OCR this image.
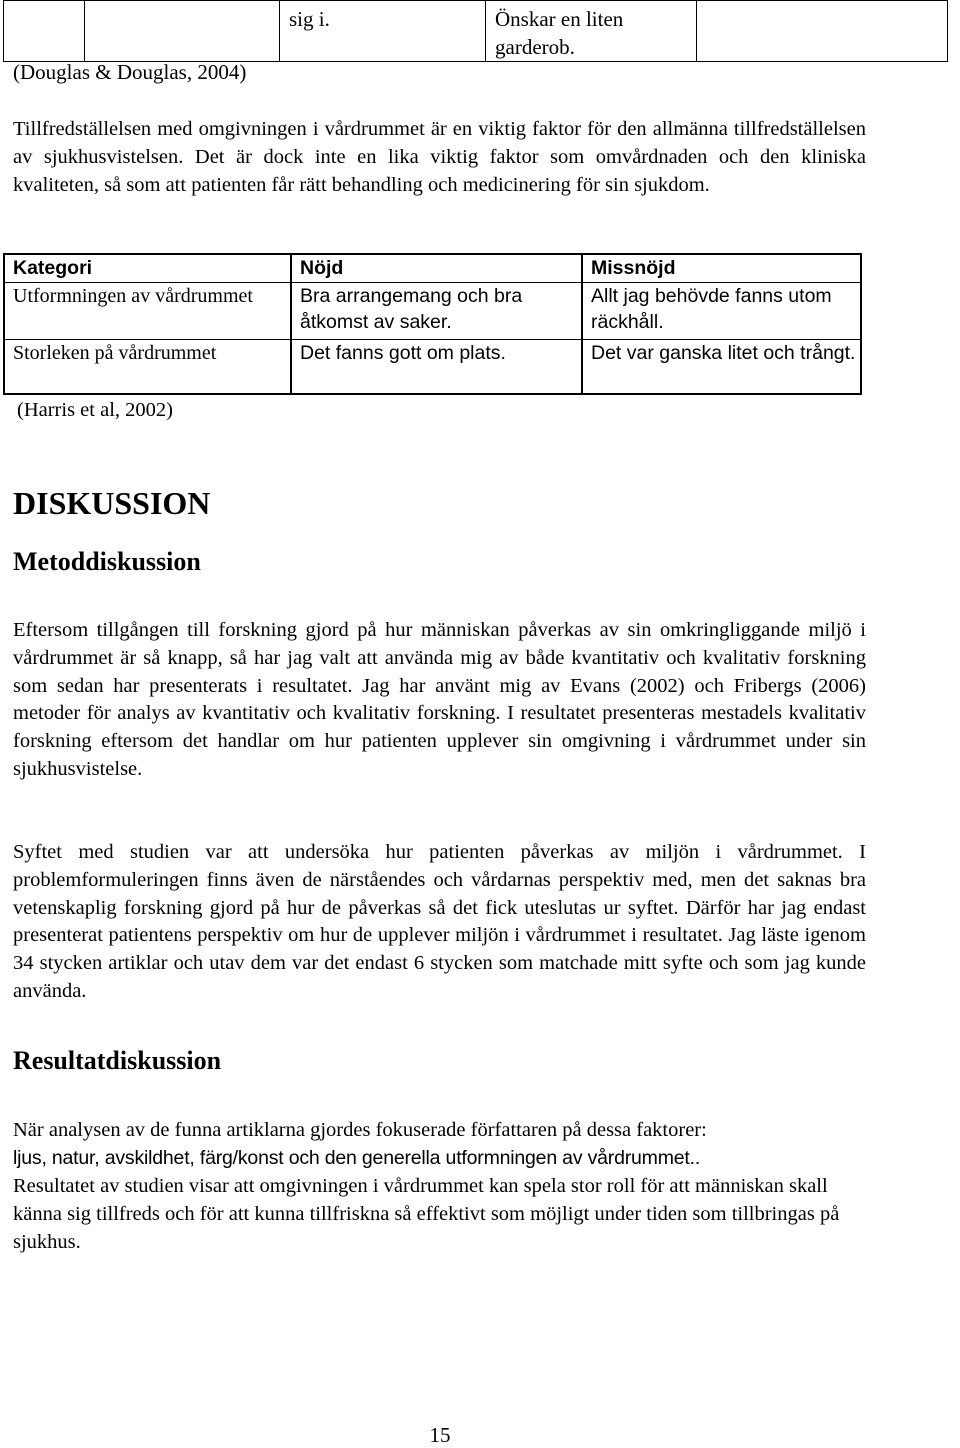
sig i.	Önskar en liten garderob.

(Douglas & Douglas, 2004)

Tillfredställelsen med omgivningen i vårdrummet är en viktig faktor för den allmänna tillfredställelsen av sjukhusvistelsen. Det är dock inte en lika viktig faktor som omvårdnaden och den kliniska kvaliteten, så som att patienten får rätt behandling och medicinering för sin sjukdom.

Kategori	Nöjd	Missnöjd
Utformningen av vårdrummet	Bra arrangemang och bra åtkomst av saker.	Allt jag behövde fanns utom räckhåll.
Storleken på vårdrummet	Det fanns gott om plats.	Det var ganska litet och trångt.
(Harris et al, 2002)
DISKUSSION
Metoddiskussion

Eftersom tillgången till forskning gjord på hur människan påverkas av sin omkringliggande miljö i vårdrummet är så knapp, så har jag valt att använda mig av både kvantitativ och kvalitativ forskning som sedan har presenterats i resultatet. Jag har använt mig av Evans (2002) och Fribergs (2006) metoder för analys av kvantitativ och kvalitativ forskning. I resultatet presenteras mestadels kvalitativ forskning eftersom det handlar om hur patienten upplever sin omgivning i vårdrummet under sin sjukhusvistelse.

Syftet med studien var att undersöka hur patienten påverkas av miljön i vårdrummet. I problemformuleringen finns även de närståendes och vårdarnas perspektiv med, men det saknas bra vetenskaplig forskning gjord på hur de påverkas så det fick uteslutas ur syftet. Därför har jag endast presenterat patientens perspektiv om hur de upplever miljön i vårdrummet i resultatet. Jag läste igenom 34 stycken artiklar och utav dem var det endast 6 stycken som matchade mitt syfte och som jag kunde använda.

Resultatdiskussion

När analysen av de funna artiklarna gjordes fokuserade författaren på dessa faktorer:

ljus, natur, avskildhet, färg/konst och den generella utformningen av vårdrummet..

Resultatet av studien visar att omgivningen i vårdrummet kan spela stor roll för att människan skall känna sig tillfreds och för att kunna tillfriskna så effektivt som möjligt under tiden som tillbringas på sjukhus.

15
